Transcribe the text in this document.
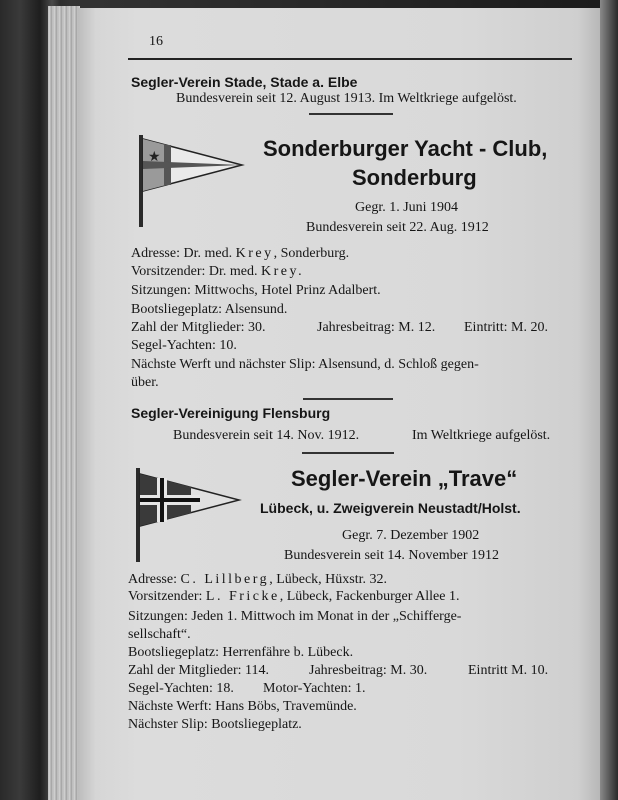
16
Segler-Verein Stade, Stade a. Elbe
Bundesverein seit 12. August 1913. Im Weltkriege aufgelöst.
★	Sonderburger Yacht - Club,
Sonderburg
Gegr. 1. Juni 1904
Bundesverein seit 22. Aug. 1912
Adresse: Dr. med. Krey, Sonderburg.
Vorsitzender: Dr. med. Krey.
Sitzungen: Mittwochs, Hotel Prinz Adalbert.
Bootsliegeplatz: Alsensund.
Zahl der Mitglieder: 30.	Jahresbeitrag: M. 12. Eintritt: M. 20.
Segel-Yachten: 10.
Nächste Werft und nächster Slip: Alsensund, d. Schloß gegen-
über.
Segler-Vereinigung Flensburg
Bundesverein seit 14. Nov. 1912.	Im Weltkriege aufgelöst.
Segler-Verein „Trave“
Lübeck, u. Zweigverein Neustadt/Holst.
Gegr. 7. Dezember 1902
Bundesverein seit 14. November 1912
Adresse: C. Lillberg, Lübeck, Hüxstr. 32.
Vorsitzender: L. Fricke, Lübeck, Fackenburger Allee 1.
Sitzungen: Jeden 1. Mittwoch im Monat in der „Schifferge-
sellschaft“.
Bootsliegeplatz: Herrenfähre b. Lübeck.
Zahl der Mitglieder: 114.	Jahresbeitrag: M. 30.	Eintritt M. 10.
Segel-Yachten: 18. Motor-Yachten: 1.
Nächste Werft: Hans Böbs, Travemünde.
Nächster Slip: Bootsliegeplatz.
